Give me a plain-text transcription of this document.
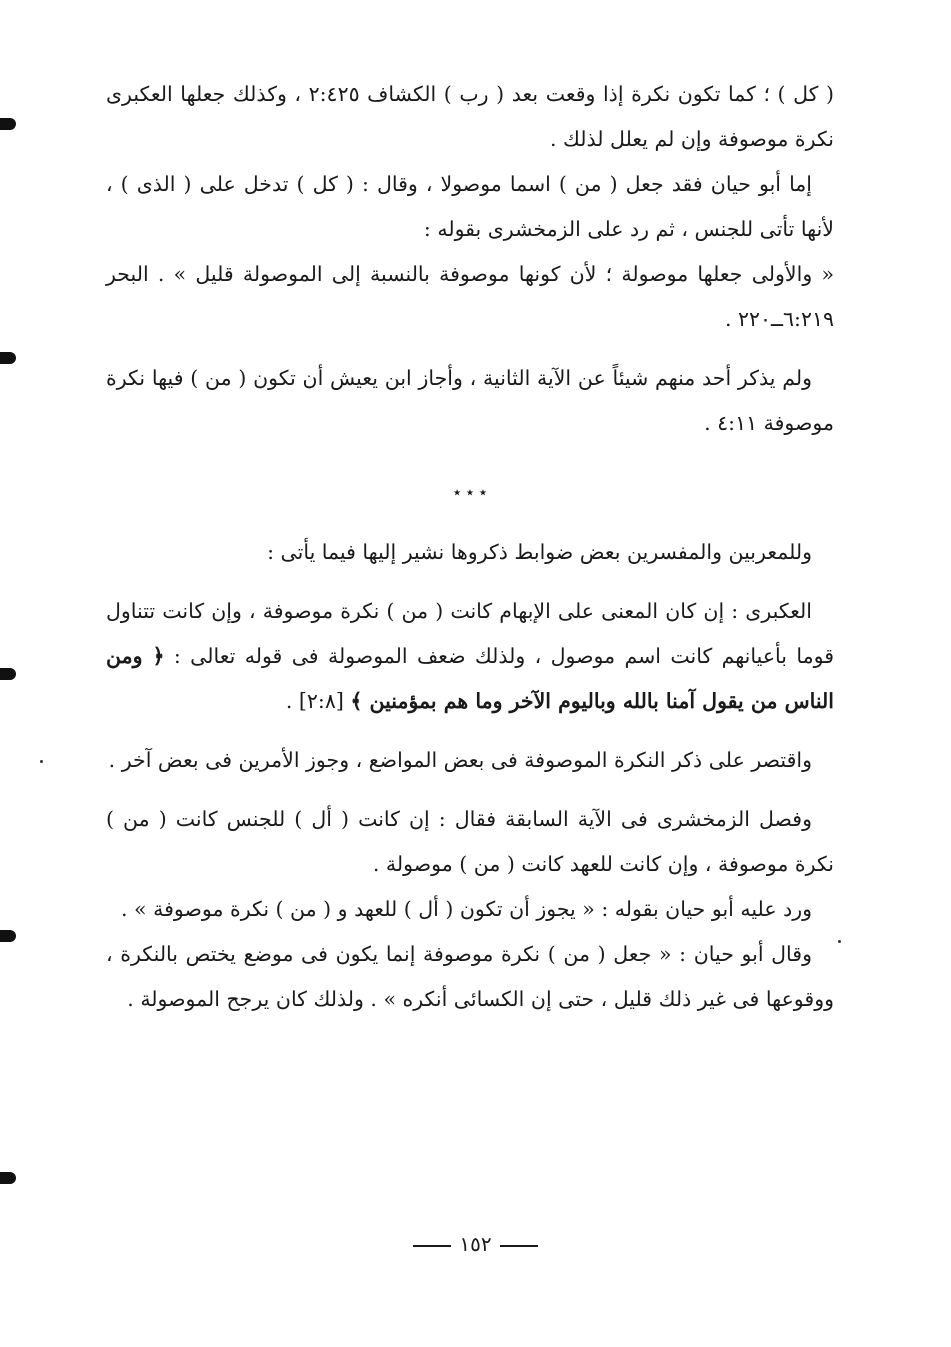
( كل ) ؛ كما تكون نكرة إذا وقعت بعد ( رب ) الكشاف ٢:٤٢٥ ، وكذلك جعلها العكبرى نكرة موصوفة وإن لم يعلل لذلك .

إما أبو حيان فقد جعل ( من ) اسما موصولا ، وقال : ( كل ) تدخل على ( الذى ) ، لأنها تأتى للجنس ، ثم رد على الزمخشرى بقوله :

« والأولى جعلها موصولة ؛ لأن كونها موصوفة بالنسبة إلى الموصولة قليل » . البحر ٦:٢١٩ــ٢٢٠ .

ولم يذكر أحد منهم شيئاً عن الآية الثانية ، وأجاز ابن يعيش أن تكون ( من ) فيها نكرة موصوفة ٤:١١ .

٭ ٭ ٭

وللمعربين والمفسرين بعض ضوابط ذكروها نشير إليها فيما يأتى :

العكبرى : إن كان المعنى على الإبهام كانت ( من ) نكرة موصوفة ، وإن كانت تتناول قوما بأعيانهم كانت اسم موصول ، ولذلك ضعف الموصولة فى قوله تعالى : ﴿ ومن الناس من يقول آمنا بالله وباليوم الآخر وما هم بمؤمنين ﴾ [٢:٨] .

واقتصر على ذكر النكرة الموصوفة فى بعض المواضع ، وجوز الأمرين فى بعض آخر .

وفصل الزمخشرى فى الآية السابقة فقال : إن كانت ( أل ) للجنس كانت ( من ) نكرة موصوفة ، وإن كانت للعهد كانت ( من ) موصولة .

ورد عليه أبو حيان بقوله : « يجوز أن تكون ( أل ) للعهد و ( من ) نكرة موصوفة » .

وقال أبو حيان : « جعل ( من ) نكرة موصوفة إنما يكون فى موضع يختص بالنكرة ، ووقوعها فى غير ذلك قليل ، حتى إن الكسائى أنكره » . ولذلك كان يرجح الموصولة .

١٥٢
